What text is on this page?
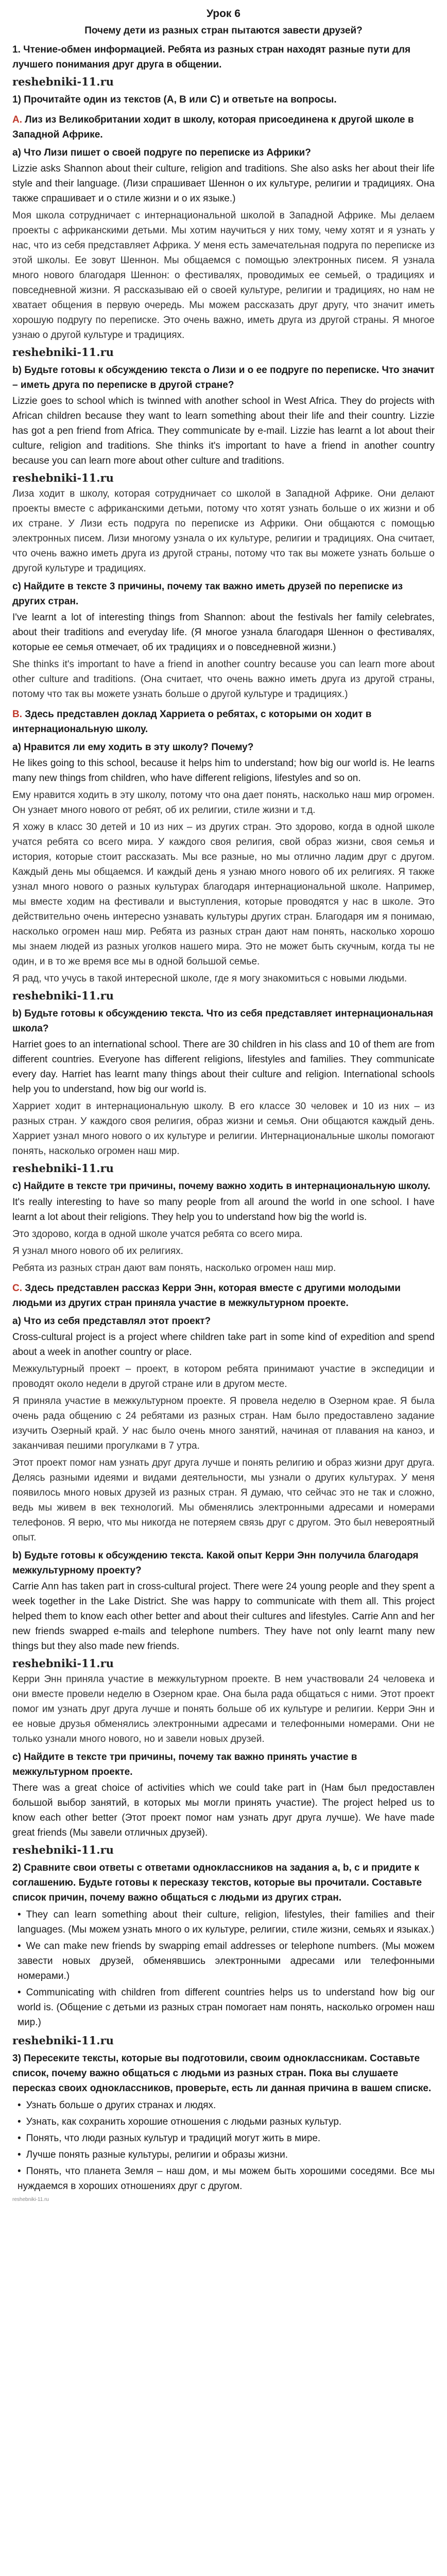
Урок 6
Почему дети из разных стран пытаются завести друзей?
1. Чтение-обмен информацией. Ребята из разных стран находят разные пути для лучшего понимания друг друга в общении.
reshebniki-11.ru
1) Прочитайте один из текстов (A, B или C) и ответьте на вопросы.
A. Лиз из Великобритании ходит в школу, которая присоединена к другой школе в Западной Африке.
a) Что Лизи пишет о своей подруге по переписке из Африки?

Lizzie asks Shannon about their culture, religion and traditions. She also asks her about their life style and their language. (Лизи спрашивает Шеннон о их культуре, религии и традициях. Она также спрашивает и о стиле жизни и о их языке.)

Моя школа сотрудничает с интернациональной школой в Западной Африке. Мы делаем проекты с африканскими детьми. Мы хотим научиться у них тому, чему хотят и я узнать у нас, что из себя представляет Африка. У меня есть замечательная подруга по переписке из этой школы. Ее зовут Шеннон. Мы общаемся с помощью электронных писем. Я узнала много нового благодаря Шеннон: о фестивалях, проводимых ее семьей, о традициях и повседневной жизни. Я рассказываю ей о своей культуре, религии и традициях, но нам не хватает общения в первую очередь. Мы можем рассказать друг другу, что значит иметь хорошую подругу по переписке. Это очень важно, иметь друга из другой страны. Я многое узнаю о другой культуре и традициях.

reshebniki-11.ru
b) Будьте готовы к обсуждению текста о Лизи и о ее подруге по переписке. Что значит – иметь друга по переписке в другой стране?

Lizzie goes to school which is twinned with another school in West Africa. They do projects with African children because they want to learn something about their life and their country. Lizzie has got a pen friend from Africa. They communicate by e-mail. Lizzie has learnt a lot about their culture, religion and traditions. She thinks it's important to have a friend in another country because you can learn more about other culture and traditions.

reshebniki-11.ru

Лиза ходит в школу, которая сотрудничает со школой в Западной Африке. Они делают проекты вместе с африканскими детьми, потому что хотят узнать больше о их жизни и об их стране. У Лизи есть подруга по переписке из Африки. Они общаются с помощью электронных писем. Лизи многому узнала о их культуре, религии и традициях. Она считает, что очень важно иметь друга из другой страны, потому что так вы можете узнать больше о другой культуре и традициях.

c) Найдите в тексте 3 причины, почему так важно иметь друзей по переписке из других стран.

I've learnt a lot of interesting things from Shannon: about the festivals her family celebrates, about their traditions and everyday life. (Я многое узнала благодаря Шеннон о фестивалях, которые ее семья отмечает, об их традициях и о повседневной жизни.)

She thinks it's important to have a friend in another country because you can learn more about other culture and traditions. (Она считает, что очень важно иметь друга из другой страны, потому что так вы можете узнать больше о другой культуре и традициях.)

B. Здесь представлен доклад Харриета о ребятах, с которыми он ходит в интернациональную школу.
a) Нравится ли ему ходить в эту школу? Почему?

He likes going to this school, because it helps him to understand; how big our world is. He learns many new things from children, who have different religions, lifestyles and so on.

Ему нравится ходить в эту школу, потому что она дает понять, насколько наш мир огромен. Он узнает много нового от ребят, об их религии, стиле жизни и т.д.

Я хожу в класс 30 детей и 10 из них – из других стран. Это здорово, когда в одной школе учатся ребята со всего мира. У каждого своя религия, свой образ жизни, своя семья и история, которые стоит рассказать. Мы все разные, но мы отлично ладим друг с другом. Каждый день мы общаемся. И каждый день я узнаю много нового об их религиях. Я также узнал много нового о разных культурах благодаря интернациональной школе. Например, мы вместе ходим на фестивали и выступления, которые проводятся у нас в школе. Это действительно очень интересно узнавать культуры других стран. Благодаря им я понимаю, насколько огромен наш мир. Ребята из разных стран дают нам понять, насколько хорошо мы знаем людей из разных уголков нашего мира. Это не может быть скучным, когда ты не один, и в то же время все мы в одной большой семье.

Я рад, что учусь в такой интересной школе, где я могу знакомиться с новыми людьми.

reshebniki-11.ru
b) Будьте готовы к обсуждению текста. Что из себя представляет интернациональная школа?

Harriet goes to an international school. There are 30 children in his class and 10 of them are from different countries. Everyone has different religions, lifestyles and families. They communicate every day. Harriet has learnt many things about their culture and religion. International schools help you to understand, how big our world is.

Харриет ходит в интернациональную школу. В его классе 30 человек и 10 из них – из разных стран. У каждого своя религия, образ жизни и семья. Они общаются каждый день. Харриет узнал много нового о их культуре и религии. Интернациональные школы помогают понять, насколько огромен наш мир.

reshebniki-11.ru
c) Найдите в тексте три причины, почему важно ходить в интернациональную школу.

It's really interesting to have so many people from all around the world in one school. I have learnt a lot about their religions. They help you to understand how big the world is.

Это здорово, когда в одной школе учатся ребята со всего мира.

Я узнал много нового об их религиях.

Ребята из разных стран дают вам понять, насколько огромен наш мир.

C. Здесь представлен рассказ Керри Энн, которая вместе с другими молодыми людьми из других стран приняла участие в межкультурном проекте.
a) Что из себя представлял этот проект?

Cross-cultural project is a project where children take part in some kind of expedition and spend about a week in another country or place.

Межкультурный проект – проект, в котором ребята принимают участие в экспедиции и проводят около недели в другой стране или в другом месте.

Я приняла участие в межкультурном проекте. Я провела неделю в Озерном крае. Я была очень рада общению с 24 ребятами из разных стран. Нам было предоставлено задание изучить Озерный край. У нас было очень много занятий, начиная от плавания на каноэ, и заканчивая пешими прогулками в 7 утра.

Этот проект помог нам узнать друг друга лучше и понять религию и образ жизни друг друга. Делясь разными идеями и видами деятельности, мы узнали о других культурах. У меня появилось много новых друзей из разных стран. Я думаю, что сейчас это не так и сложно, ведь мы живем в век технологий. Мы обменялись электронными адресами и номерами телефонов. Я верю, что мы никогда не потеряем связь друг с другом. Это был невероятный опыт.

b) Будьте готовы к обсуждению текста. Какой опыт Керри Энн получила благодаря межкультурному проекту?

Carrie Ann has taken part in cross-cultural project. There were 24 young people and they spent a week together in the Lake District. She was happy to communicate with them all. This project helped them to know each other better and about their cultures and lifestyles. Carrie Ann and her new friends swapped e-mails and telephone numbers. They have not only learnt many new things but they also made new friends.

reshebniki-11.ru

Керри Энн приняла участие в межкультурном проекте. В нем участвовали 24 человека и они вместе провели неделю в Озерном крае. Она была рада общаться с ними. Этот проект помог им узнать друг друга лучше и понять больше об их культуре и религии. Керри Энн и ее новые друзья обменялись электронными адресами и телефонными номерами. Они не только узнали много нового, но и завели новых друзей.

c) Найдите в тексте три причины, почему так важно принять участие в межкультурном проекте.

There was a great choice of activities which we could take part in (Нам был предоставлен большой выбор занятий, в которых мы могли принять участие). The project helped us to know each other better (Этот проект помог нам узнать друг друга лучше). We have made great friends (Мы завели отличных друзей).

reshebniki-11.ru
2) Сравните свои ответы с ответами одноклассников на задания a, b, c и придите к соглашению. Будьте готовы к пересказу текстов, которые вы прочитали. Составьте список причин, почему важно общаться с людьми из других стран.
• They can learn something about their culture, religion, lifestyles, their families and their languages. (Мы можем узнать много о их культуре, религии, стиле жизни, семьях и языках.)
• We can make new friends by swapping email addresses or telephone numbers. (Мы можем завести новых друзей, обменявшись электронными адресами или телефонными номерами.)
• Communicating with children from different countries helps us to understand how big our world is. (Общение с детьми из разных стран помогает нам понять, насколько огромен наш мир.)
reshebniki-11.ru
3) Пересеките тексты, которые вы подготовили, своим одноклассникам. Составьте список, почему важно общаться с людьми из разных стран. Пока вы слушаете пересказ своих одноклассников, проверьте, есть ли данная причина в вашем списке.
• Узнать больше о других странах и людях.
• Узнать, как сохранить хорошие отношения с людьми разных культур.
• Понять, что люди разных культур и традиций могут жить в мире.
• Лучше понять разные культуры, религии и образы жизни.
• Понять, что планета Земля – наш дом, и мы можем быть хорошими соседями. Все мы нуждаемся в хороших отношениях друг с другом.
reshebniki-11.ru
